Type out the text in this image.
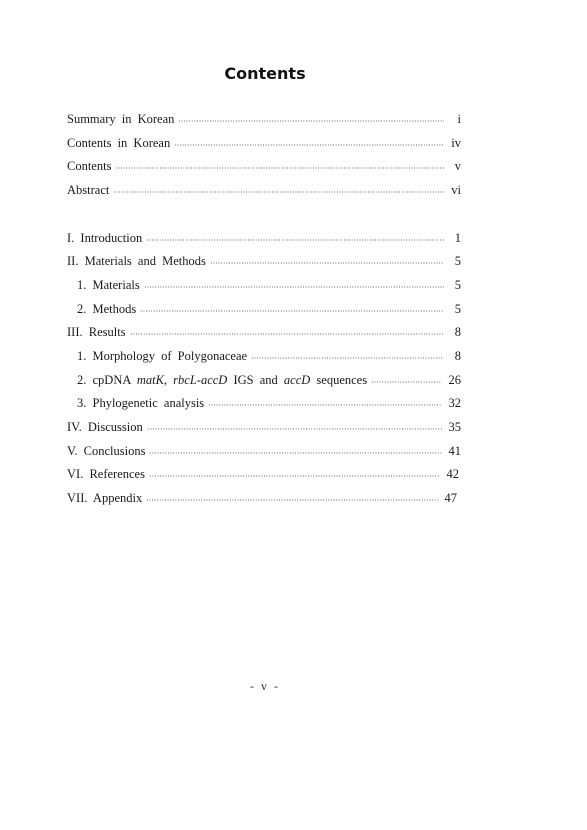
Contents
Summary in Korean	i
Contents in Korean	iv
Contents	v
Abstract	vi
I. Introduction	1
II. Materials and Methods	5
1. Materials	5
2. Methods	5
III. Results	8
1. Morphology of Polygonaceae	8
2. cpDNA matK, rbcL-accD IGS and accD sequences	26
3. Phylogenetic analysis	32
IV. Discussion	35
V. Conclusions	41
VI. References	42
VII. Appendix	47
- v -
